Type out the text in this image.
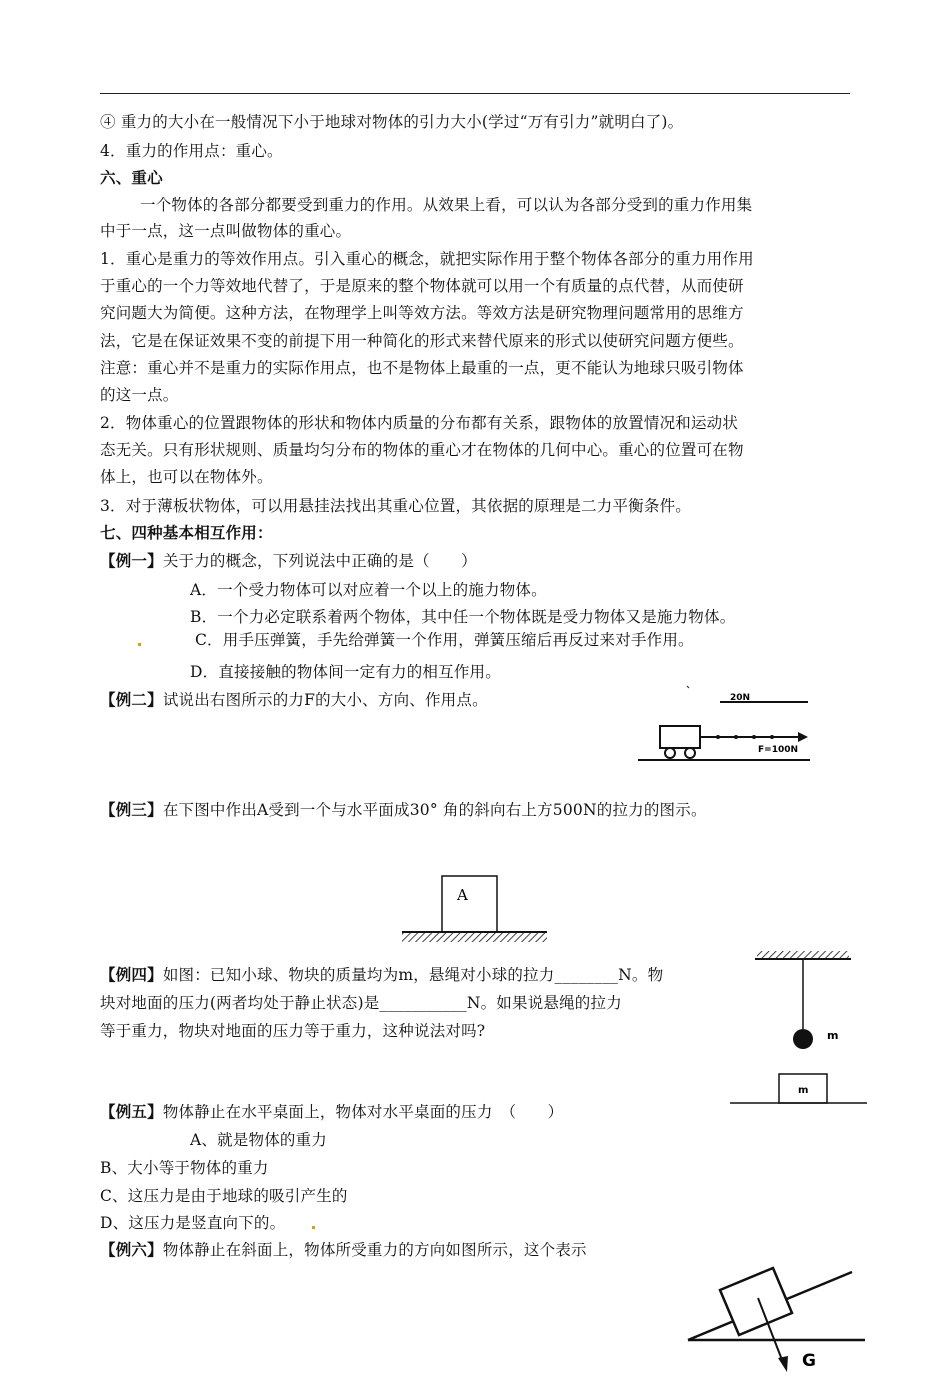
④ 重力的大小在一般情况下小于地球对物体的引力大小(学过“万有引力”就明白了)。
4．重力的作用点：重心。
六、重心
一个物体的各部分都要受到重力的作用。从效果上看，可以认为各部分受到的重力作用集
中于一点，这一点叫做物体的重心。
1．重心是重力的等效作用点。引入重心的概念，就把实际作用于整个物体各部分的重力用作用
于重心的一个力等效地代替了，于是原来的整个物体就可以用一个有质量的点代替，从而使研
究问题大为简便。这种方法，在物理学上叫等效方法。等效方法是研究物理问题常用的思维方
法，它是在保证效果不变的前提下用一种简化的形式来替代原来的形式以使研究问题方便些。
注意：重心并不是重力的实际作用点，也不是物体上最重的一点，更不能认为地球只吸引物体
的这一点。
2．物体重心的位置跟物体的形状和物体内质量的分布都有关系，跟物体的放置情况和运动状
态无关。只有形状规则、质量均匀分布的物体的重心才在物体的几何中心。重心的位置可在物
体上，也可以在物体外。
3．对于薄板状物体，可以用悬挂法找出其重心位置，其依据的原理是二力平衡条件。
七、四种基本相互作用：
【例一】关于力的概念，下列说法中正确的是（　　）
A．一个受力物体可以对应着一个以上的施力物体。
B．一个力必定联系着两个物体，其中任一个物体既是受力物体又是施力物体。
C．用手压弹簧，手先给弹簧一个作用，弹簧压缩后再反过来对手作用。
D．直接接触的物体间一定有力的相互作用。
【例二】试说出右图所示的力F的大小、方向、作用点。	20N
F=100N
【例三】在下图中作出A受到一个与水平面成30° 角的斜向右上方500N的拉力的图示。
A
【例四】如图：已知小球、物块的质量均为m，悬绳对小球的拉力________N。物
块对地面的压力(两者均处于静止状态)是___________N。如果说悬绳的拉力
等于重力，物块对地面的压力等于重力，这种说法对吗?	m
m
【例五】物体静止在水平桌面上，物体对水平桌面的压力　（　　）
A、就是物体的重力
B、大小等于物体的重力
C、这压力是由于地球的吸引产生的
D、这压力是竖直向下的。
【例六】物体静止在斜面上，物体所受重力的方向如图所示，这个表示
G
